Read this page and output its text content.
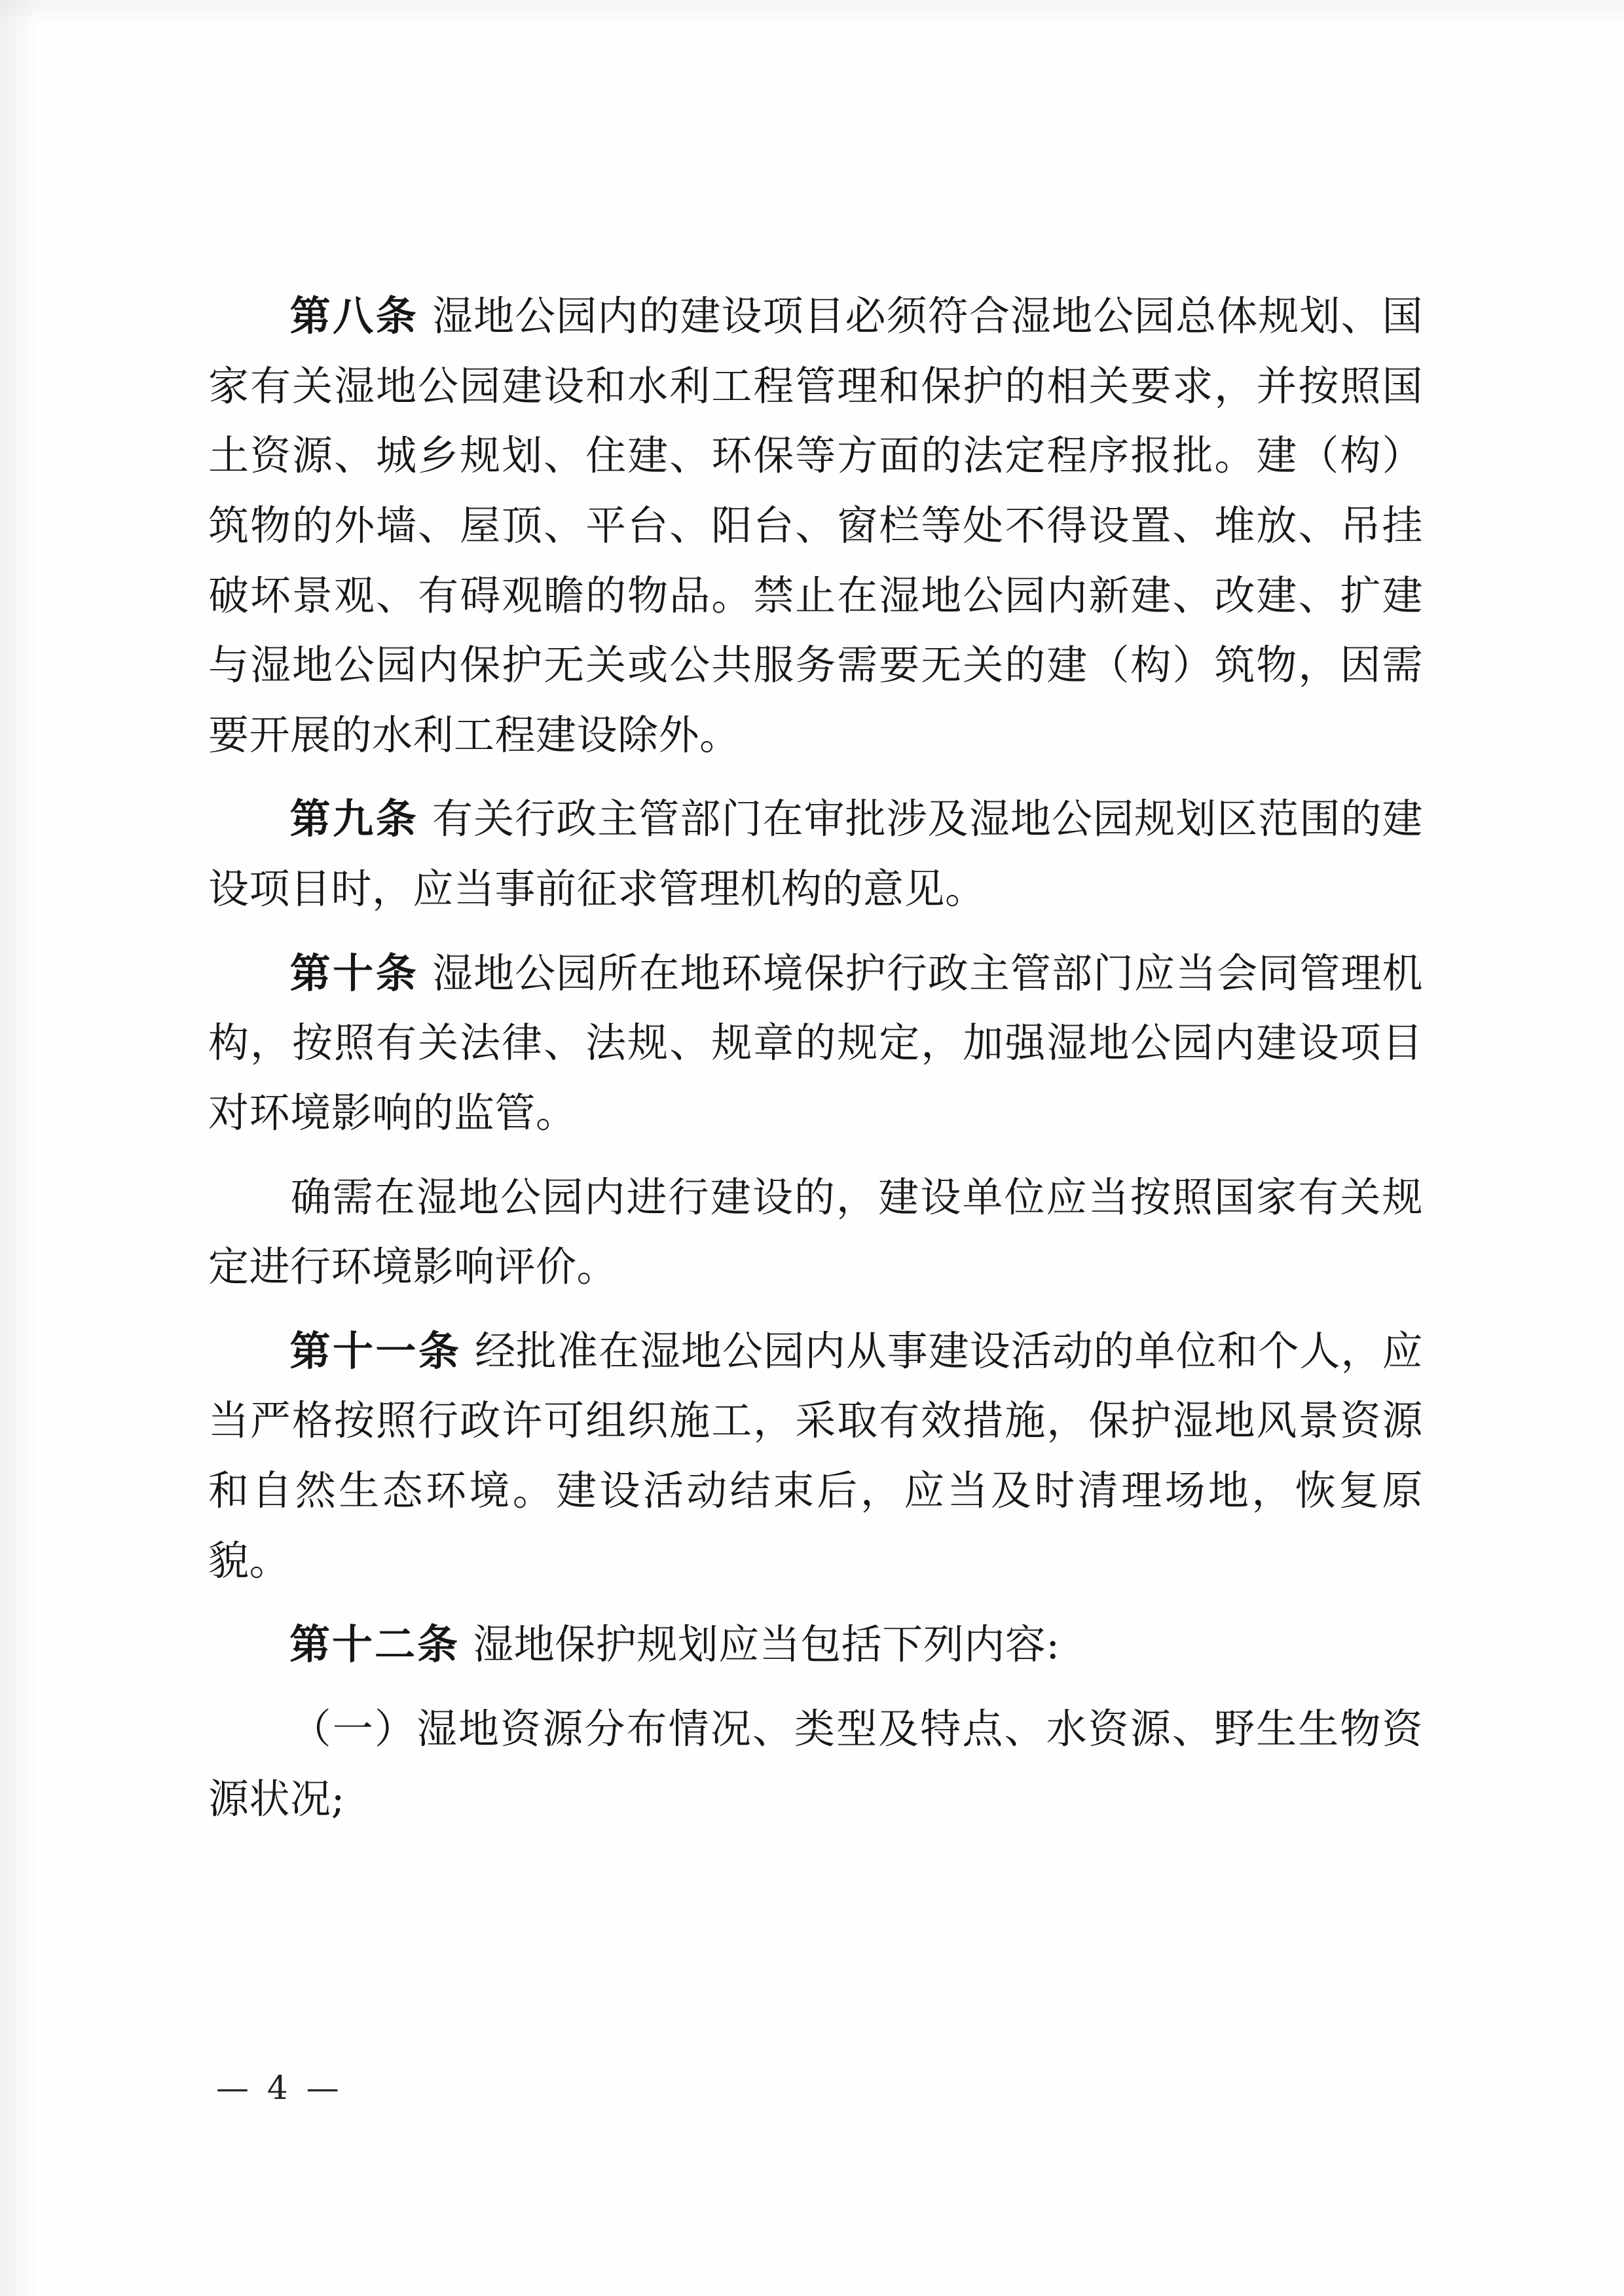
第八条 湿地公园内的建设项目必须符合湿地公园总体规划、国家有关湿地公园建设和水利工程管理和保护的相关要求，并按照国土资源、城乡规划、住建、环保等方面的法定程序报批。建（构）筑物的外墙、屋顶、平台、阳台、窗栏等处不得设置、堆放、吊挂破坏景观、有碍观瞻的物品。禁止在湿地公园内新建、改建、扩建与湿地公园内保护无关或公共服务需要无关的建（构）筑物，因需要开展的水利工程建设除外。

第九条 有关行政主管部门在审批涉及湿地公园规划区范围的建设项目时，应当事前征求管理机构的意见。

第十条 湿地公园所在地环境保护行政主管部门应当会同管理机构，按照有关法律、法规、规章的规定，加强湿地公园内建设项目对环境影响的监管。

确需在湿地公园内进行建设的，建设单位应当按照国家有关规定进行环境影响评价。

第十一条 经批准在湿地公园内从事建设活动的单位和个人，应当严格按照行政许可组织施工，采取有效措施，保护湿地风景资源和自然生态环境。建设活动结束后，应当及时清理场地，恢复原貌。

第十二条 湿地保护规划应当包括下列内容:

（一）湿地资源分布情况、类型及特点、水资源、野生生物资源状况;

— 4 —
